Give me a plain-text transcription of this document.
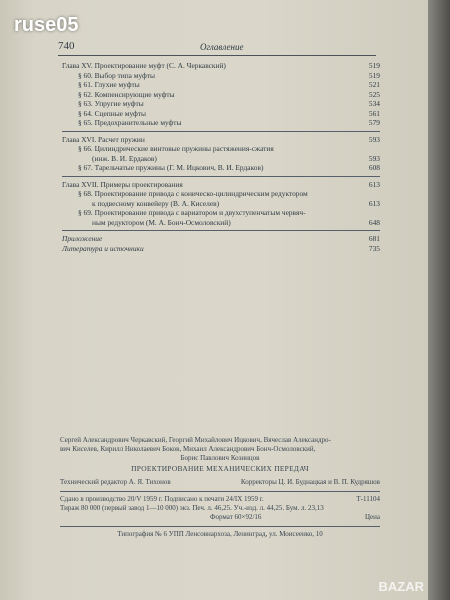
740	Оглавление
Глава XV. Проектирование муфт (С. А. Черкавский)	519
§ 60. Выбор типа муфты	519
§ 61. Глухие муфты	521
§ 62. Компенсирующие муфты	525
§ 63. Упругие муфты	534
§ 64. Сцепные муфты	561
§ 65. Предохранительные муфты	579
Глава XVI. Расчет пружин	593
§ 66. Цилиндрические винтовые пружины растяжения-сжатия
(инж. В. И. Ердаков)	593
§ 67. Тарельчатые пружины (Г. М. Ицкович, В. И. Ердаков)	608
Глава XVII. Примеры проектирования	613
§ 68. Проектирование привода с коническо-цилиндрическим редуктором
к подвесному конвейеру (В. А. Киселев)	613
§ 69. Проектирование привода с вариатором и двухступенчатым червяч-
ным редуктором (М. А. Бонч-Осмоловский)	648
Приложение	681
Литература и источники	735
Сергей Александрович Черкавский, Георгий Михайлович Ицкович, Вячеслав Александро-
вич Киселев, Кирилл Николаевич Боков, Михаил Александрович Бонч-Осмоловский,
Борис Павлович Козинцов
ПРОЕКТИРОВАНИЕ МЕХАНИЧЕСКИХ ПЕРЕДАЧ
Технический редактор А. Я. Тихонов	Корректоры Ц. И. Буднацкая и В. П. Кудряшов
Сдано в производство 20/V 1959 г. Подписано к печати 24/IX 1959 г.	Т-11104
Тираж 80 000 (первый завод 1—10 000) экз. Печ. л. 46,25. Уч.-изд. л. 44,25. Бум. л. 23,13
Формат 60×92/16	Цена
Типография № 6 УПП Ленсовнархоза, Ленинград, ул. Моисеенко, 10
ruse05
BAZAR
